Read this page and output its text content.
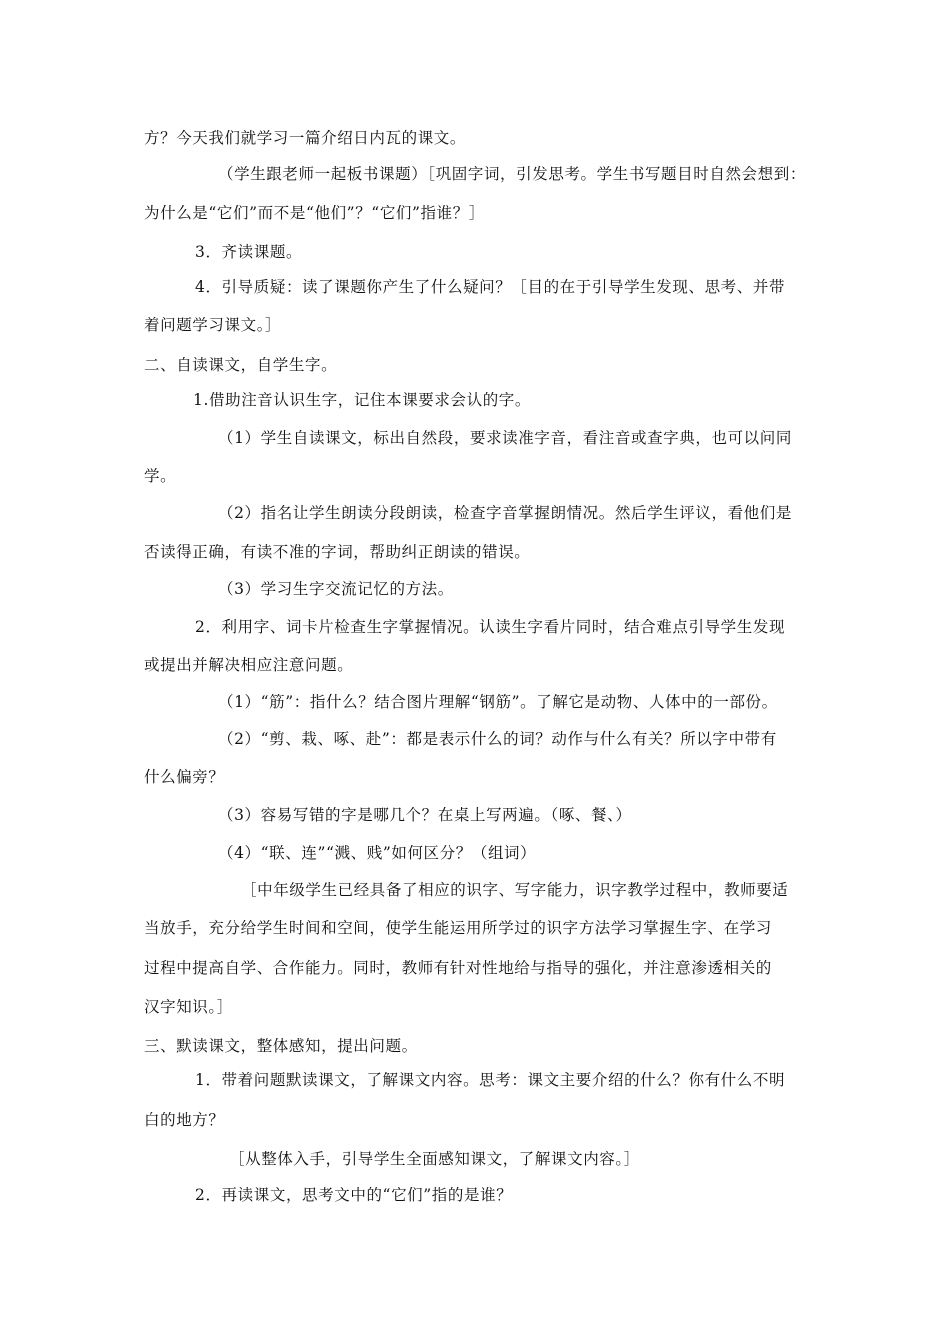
方？今天我们就学习一篇介绍日内瓦的课文。
（学生跟老师一起板书课题）［巩固字词，引发思考。学生书写题目时自然会想到：
为什么是“它们”而不是“他们”？“它们”指谁？］
3．齐读课题。
4．引导质疑：读了课题你产生了什么疑问？［目的在于引导学生发现、思考、并带
着问题学习课文。］
二、自读课文，自学生字。
1.借助注音认识生字，记住本课要求会认的字。
（1）学生自读课文，标出自然段，要求读准字音，看注音或查字典，也可以问同
学。
（2）指名让学生朗读分段朗读，检查字音掌握朗情况。然后学生评议，看他们是
否读得正确，有读不准的字词，帮助纠正朗读的错误。
（3）学习生字交流记忆的方法。
2．利用字、词卡片检查生字掌握情况。认读生字看片同时，结合难点引导学生发现
或提出并解决相应注意问题。
（1）“筋”：指什么？结合图片理解“钢筋”。了解它是动物、人体中的一部份。
（2）“剪、栽、啄、赴”：都是表示什么的词？动作与什么有关？所以字中带有
什么偏旁？
（3）容易写错的字是哪几个？在桌上写两遍。（啄、餐、）
（4）“联、连”“溅、贱”如何区分？（组词）
［中年级学生已经具备了相应的识字、写字能力，识字教学过程中，教师要适
当放手，充分给学生时间和空间，使学生能运用所学过的识字方法学习掌握生字、在学习
过程中提高自学、合作能力。同时，教师有针对性地给与指导的强化，并注意渗透相关的
汉字知识。］
三、默读课文，整体感知，提出问题。
1．带着问题默读课文，了解课文内容。思考：课文主要介绍的什么？你有什么不明
白的地方？
［从整体入手，引导学生全面感知课文，了解课文内容。］
2．再读课文，思考文中的“它们”指的是谁？
